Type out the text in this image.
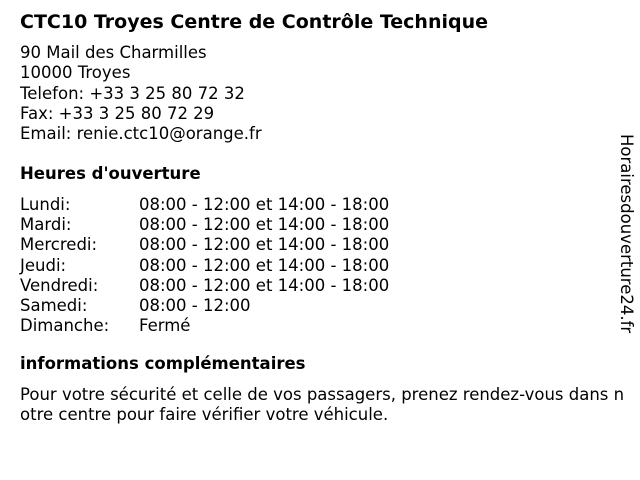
CTC10 Troyes Centre de Contrôle Technique
90 Mail des Charmilles
10000 Troyes
Telefon: +33 3 25 80 72 32
Fax: +33 3 25 80 72 29
Email: renie.ctc10@orange.fr
Heures d'ouverture
Lundi:	08:00 - 12:00 et 14:00 - 18:00
Mardi:	08:00 - 12:00 et 14:00 - 18:00
Mercredi:	08:00 - 12:00 et 14:00 - 18:00
Jeudi:	08:00 - 12:00 et 14:00 - 18:00
Vendredi: 08:00 - 12:00 et 14:00 - 18:00
Samedi:	08:00 - 12:00
Dimanche: Fermé
informations complémentaires
Pour votre sécurité et celle de vos passagers, prenez rendez-vous dans notre centre pour faire vérifier votre véhicule.
Horairesdouverture24.fr
